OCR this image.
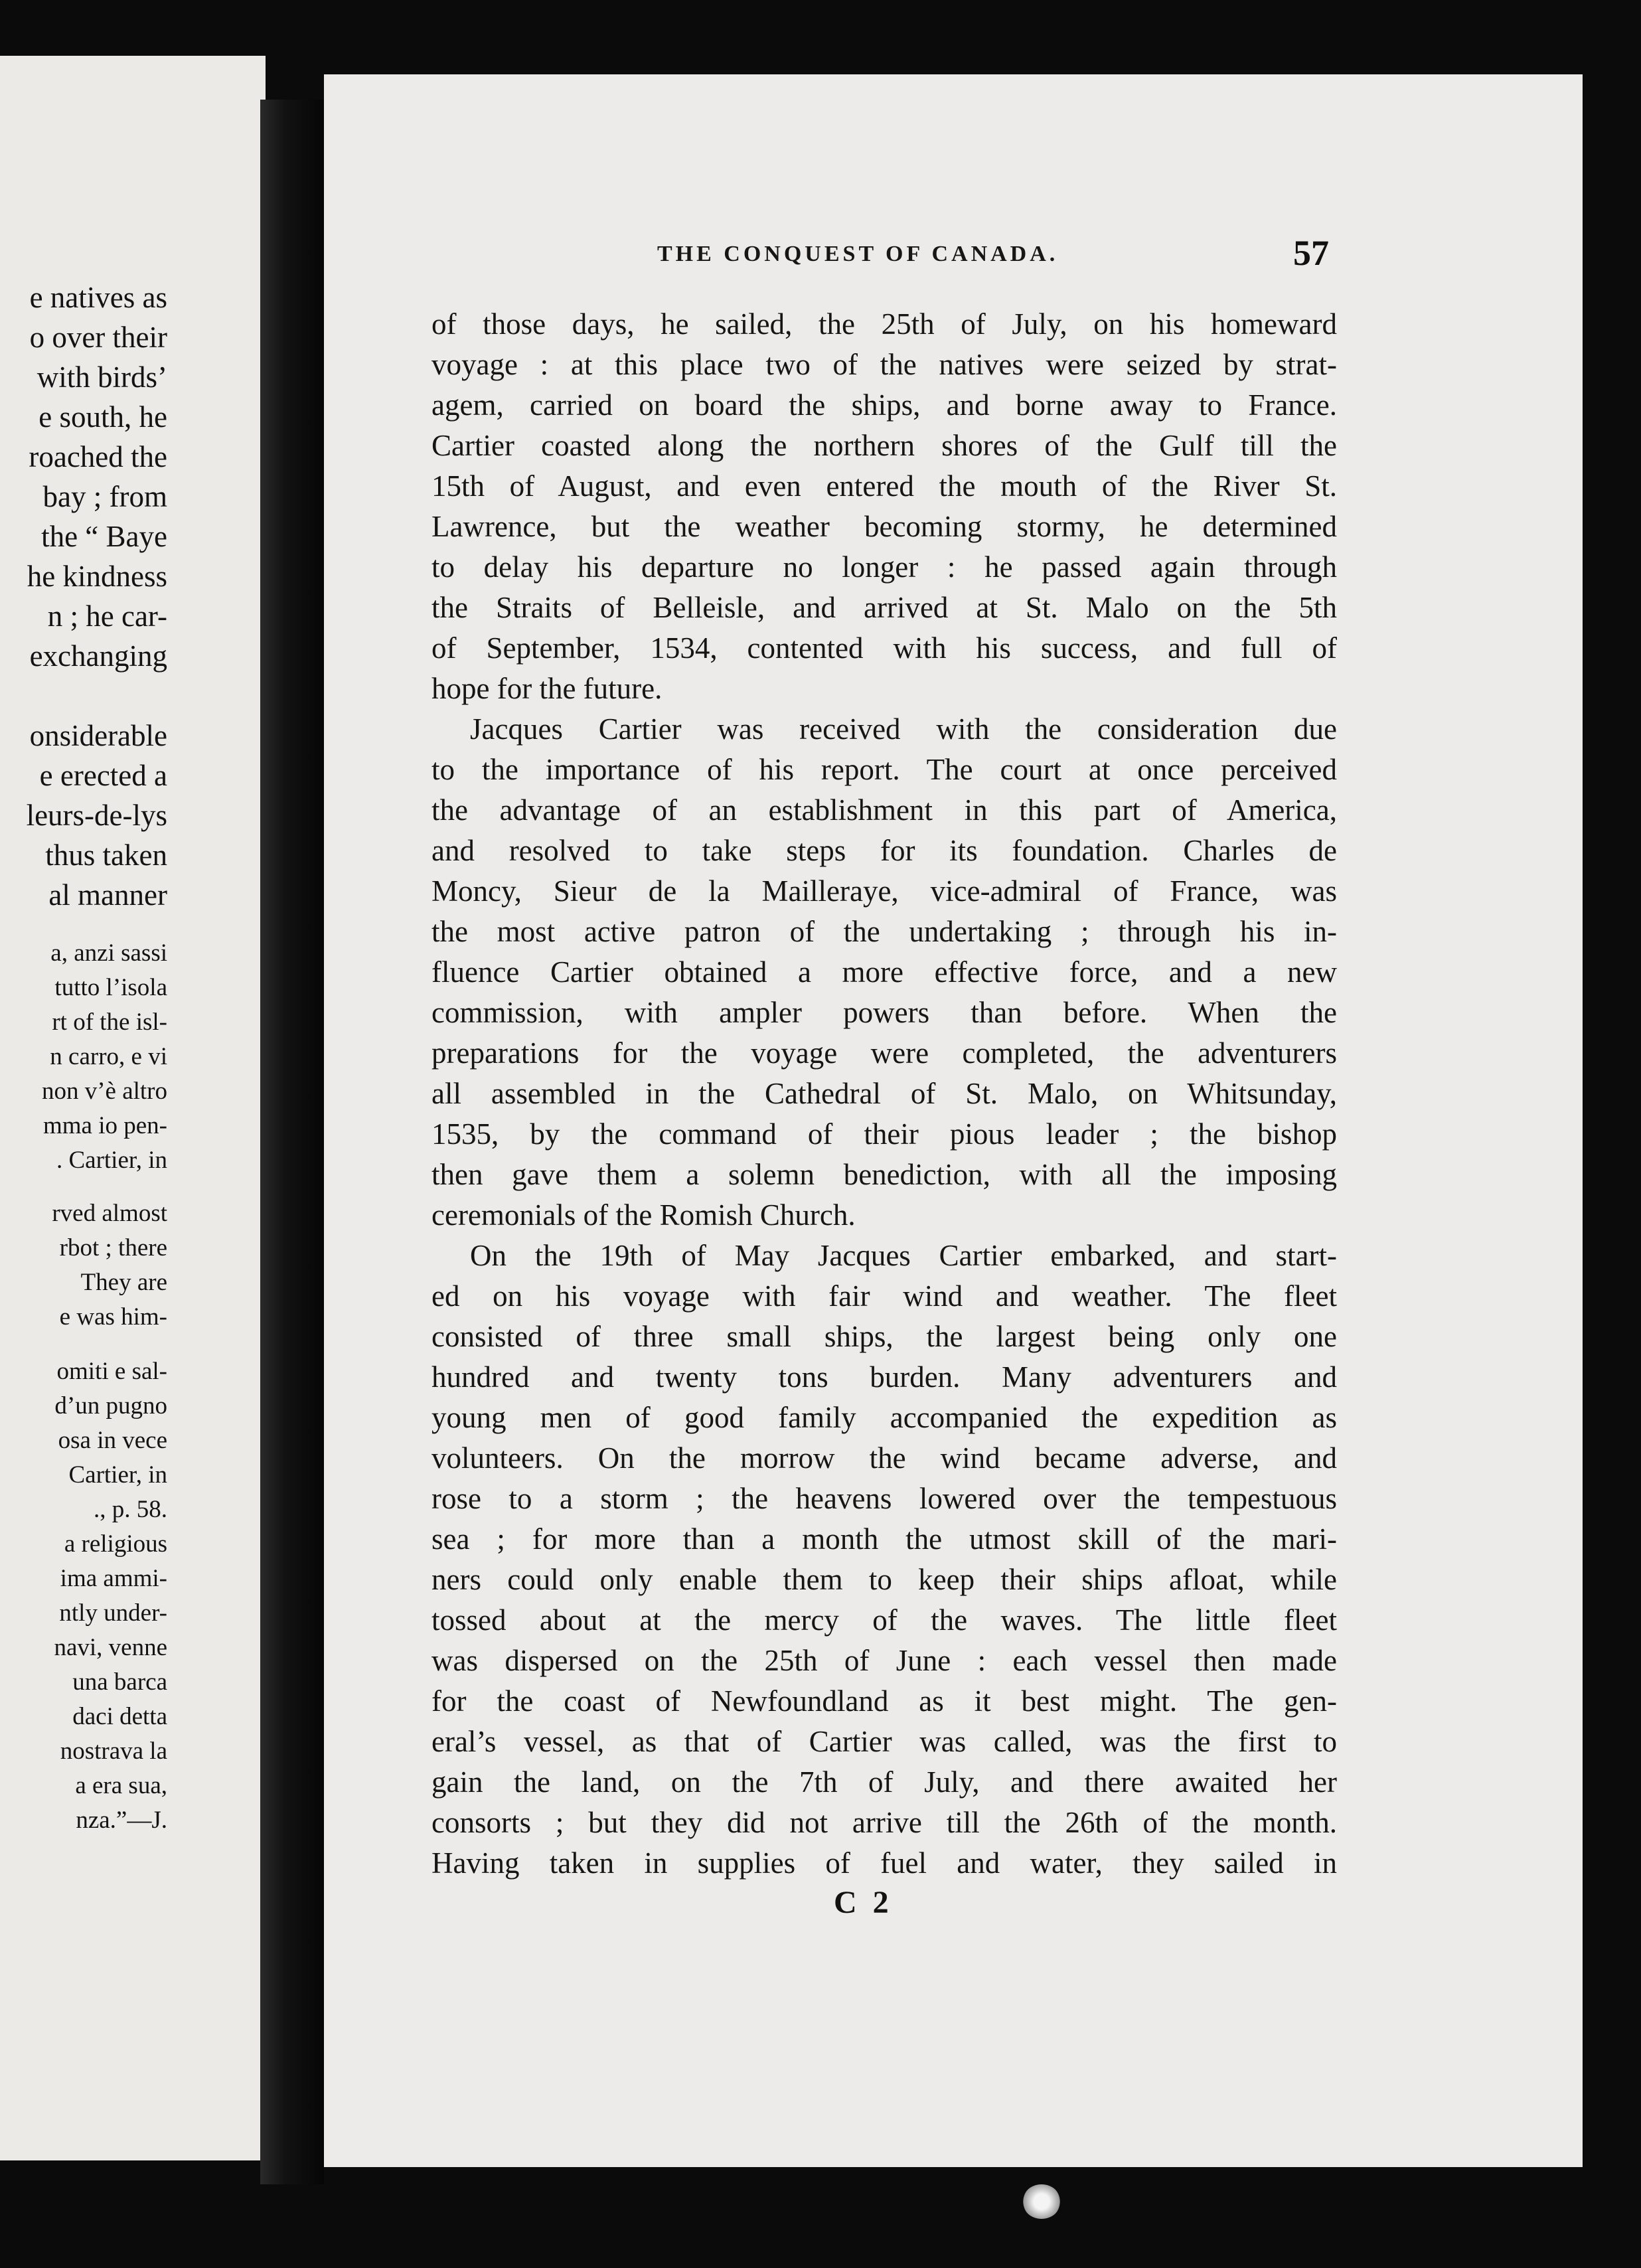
e natives as
o over their
with birds’
e south, he
roached the
bay ; from
the “ Baye
he kindness
n ; he car-
exchanging
onsiderable
e erected a
leurs-de-lys
thus taken
al manner
a, anzi sassi
tutto l’isola
rt of the isl-
n carro, e vi
non v’è altro
mma io pen-
. Cartier, in
rved almost
rbot ; there
They are
e was him-
omiti e sal-
d’un pugno
osa in vece
Cartier, in
., p. 58.
a religious
ima ammi-
ntly under-
navi, venne
una barca
daci detta
nostrava la
a era sua,
nza.”—J.
THE CONQUEST OF CANADA.	57
of those days, he sailed, the 25th of July, on his homeward
voyage : at this place two of the natives were seized by strat-
agem, carried on board the ships, and borne away to France.
Cartier coasted along the northern shores of the Gulf till the
15th of August, and even entered the mouth of the River St.
Lawrence, but the weather becoming stormy, he determined
to delay his departure no longer : he passed again through
the Straits of Belleisle, and arrived at St. Malo on the 5th
of September, 1534, contented with his success, and full of
hope for the future.
Jacques Cartier was received with the consideration due
to the importance of his report. The court at once perceived
the advantage of an establishment in this part of America,
and resolved to take steps for its foundation. Charles de
Moncy, Sieur de la Mailleraye, vice-admiral of France, was
the most active patron of the undertaking ; through his in-
fluence Cartier obtained a more effective force, and a new
commission, with ampler powers than before. When the
preparations for the voyage were completed, the adventurers
all assembled in the Cathedral of St. Malo, on Whitsunday,
1535, by the command of their pious leader ; the bishop
then gave them a solemn benediction, with all the imposing
ceremonials of the Romish Church.
On the 19th of May Jacques Cartier embarked, and start-
ed on his voyage with fair wind and weather. The fleet
consisted of three small ships, the largest being only one
hundred and twenty tons burden. Many adventurers and
young men of good family accompanied the expedition as
volunteers. On the morrow the wind became adverse, and
rose to a storm ; the heavens lowered over the tempestuous
sea ; for more than a month the utmost skill of the mari-
ners could only enable them to keep their ships afloat, while
tossed about at the mercy of the waves. The little fleet
was dispersed on the 25th of June : each vessel then made
for the coast of Newfoundland as it best might. The gen-
eral’s vessel, as that of Cartier was called, was the first to
gain the land, on the 7th of July, and there awaited her
consorts ; but they did not arrive till the 26th of the month.
Having taken in supplies of fuel and water, they sailed in
C 2
